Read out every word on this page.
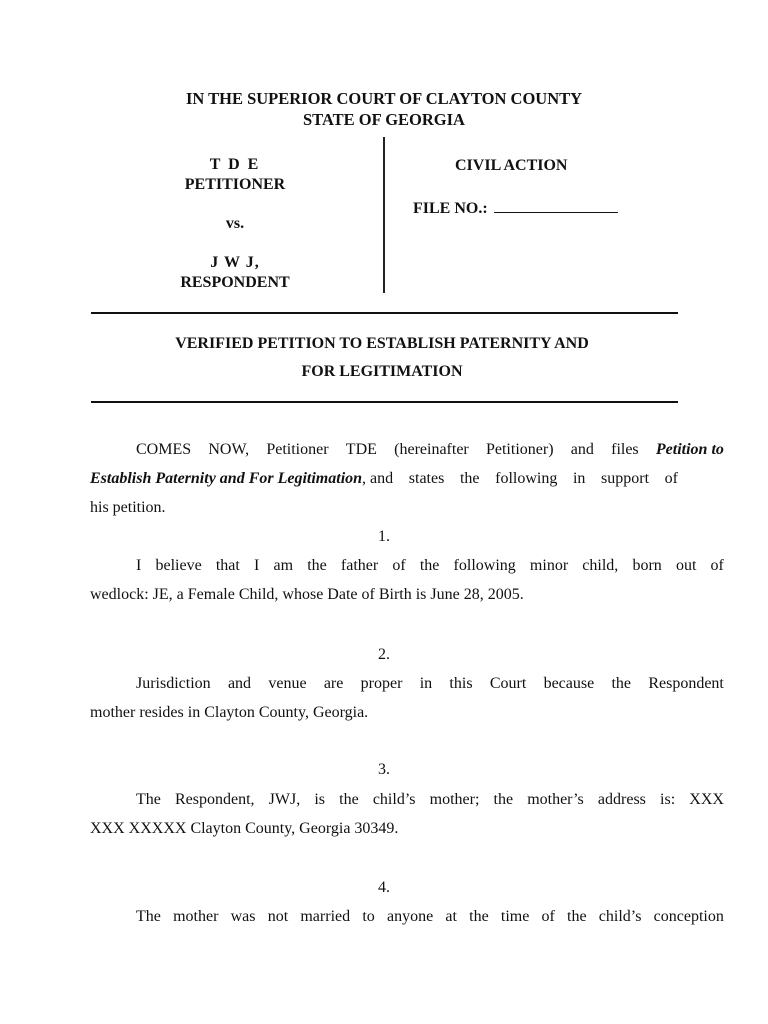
IN THE SUPERIOR COURT OF CLAYTON COUNTY
STATE OF GEORGIA
T D E
PETITIONER
vs.
J W J,
RESPONDENT
CIVIL ACTION
FILE NO.:
VERIFIED PETITION TO ESTABLISH PATERNITY AND
FOR LEGITIMATION
COMES NOW, Petitioner TDE (hereinafter Petitioner) and files Petition to
Establish Paternity and For Legitimation, and states the following in support of
his petition.
1.
I believe that I am the father of the following minor child, born out of
wedlock: JE, a Female Child, whose Date of Birth is June 28, 2005.
2.
Jurisdiction and venue are proper in this Court because the Respondent
mother resides in Clayton County, Georgia.
3.
The Respondent, JWJ, is the child’s mother; the mother’s address is: XXX
XXX XXXXX Clayton County, Georgia 30349.
4.
The mother was not married to anyone at the time of the child’s conception
